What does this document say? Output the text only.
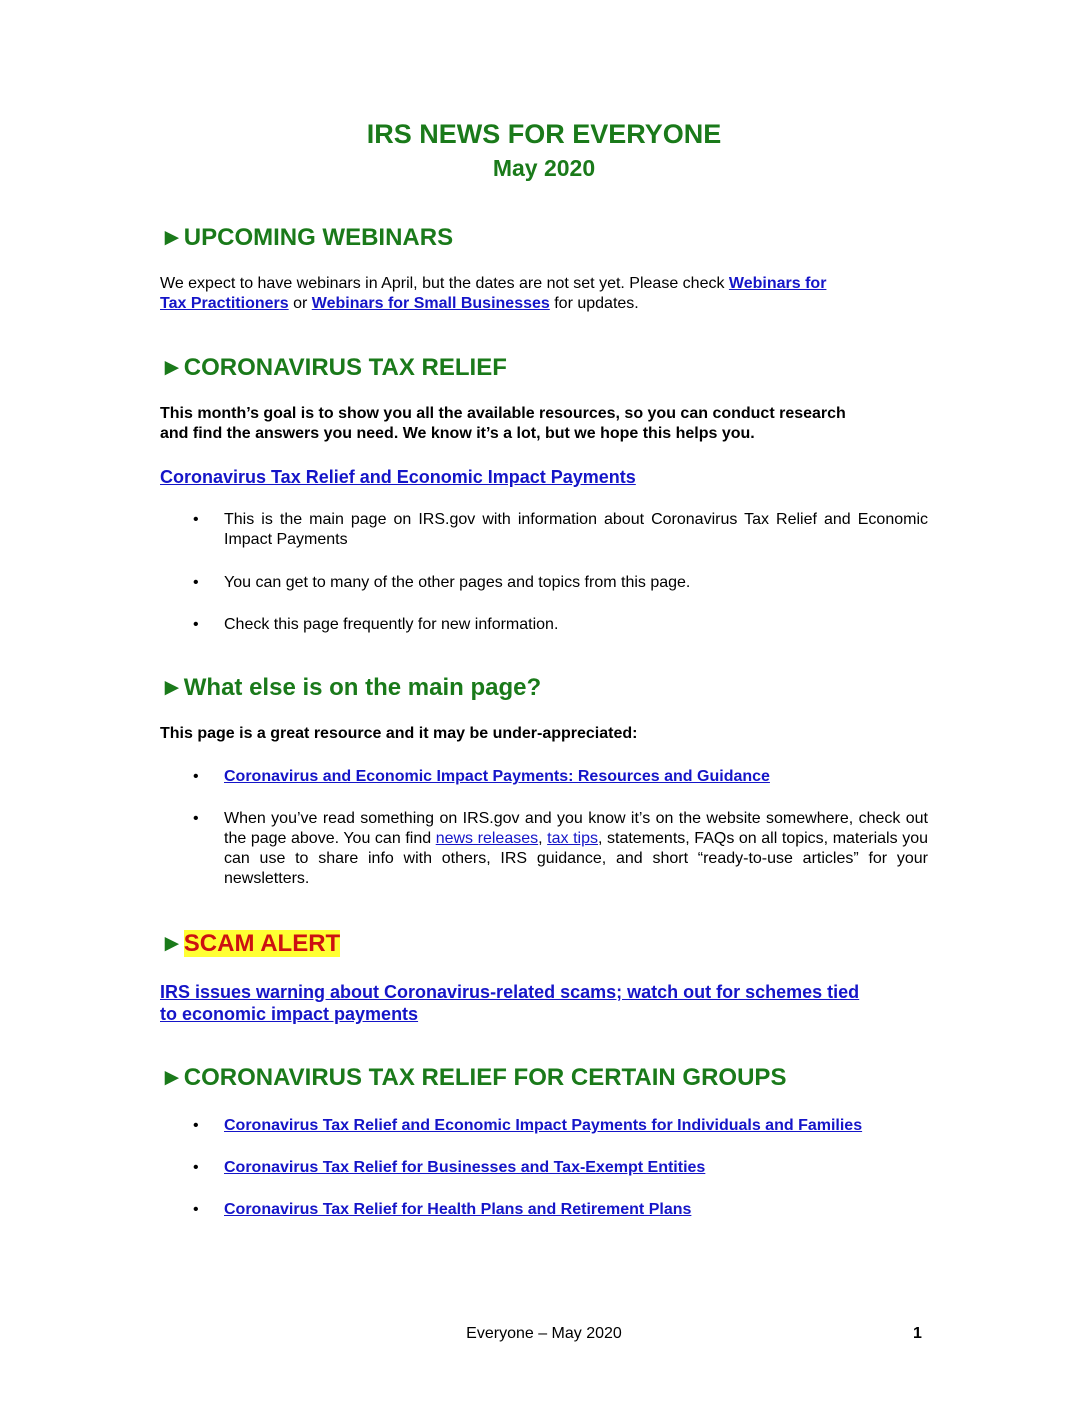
IRS NEWS FOR EVERYONE
May 2020
►UPCOMING WEBINARS

We expect to have webinars in April, but the dates are not set yet. Please check Webinars for
Tax Practitioners or Webinars for Small Businesses for updates.

►CORONAVIRUS TAX RELIEF

This month’s goal is to show you all the available resources, so you can conduct research
and find the answers you need. We know it’s a lot, but we hope this helps you.

Coronavirus Tax Relief and Economic Impact Payments

• This is the main page on IRS.gov with information about Coronavirus Tax Relief and Economic Impact Payments

• You can get to many of the other pages and topics from this page.

• Check this page frequently for new information.

►What else is on the main page?

This page is a great resource and it may be under-appreciated:

• Coronavirus and Economic Impact Payments: Resources and Guidance

• When you’ve read something on IRS.gov and you know it’s on the website somewhere, check out the page above. You can find news releases, tax tips, statements, FAQs on all topics, materials you can use to share info with others, IRS guidance, and short “ready-to-use articles” for your newsletters.

►SCAM ALERT

IRS issues warning about Coronavirus-related scams; watch out for schemes tied
to economic impact payments

►CORONAVIRUS TAX RELIEF FOR CERTAIN GROUPS
• Coronavirus Tax Relief and Economic Impact Payments for Individuals and Families

• Coronavirus Tax Relief for Businesses and Tax-Exempt Entities

• Coronavirus Tax Relief for Health Plans and Retirement Plans

Everyone – May 2020	1
